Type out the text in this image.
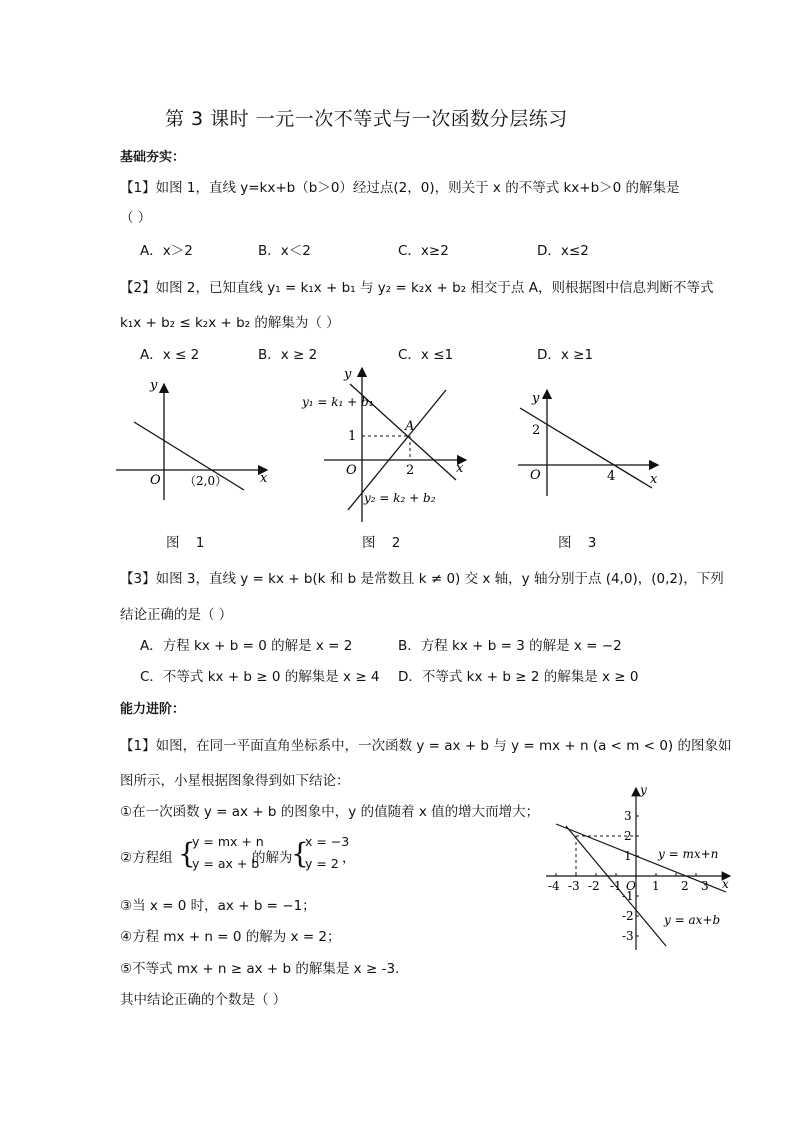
第 3 课时 一元一次不等式与一次函数分层练习
基础夯实：
【1】如图 1，直线 y=kx+b（b＞0）经过点(2，0)，则关于 x 的不等式 kx+b＞0 的解集是
（ ）
A．x＞2	B．x＜2	C．x≥2	D．x≤2
【2】如图 2，已知直线 y₁ = k₁x + b₁ 与 y₂ = k₂x + b₂ 相交于点 A，则根据图中信息判断不等式
k₁x + b₂ ≤ k₂x + b₂ 的解集为（ ）
A．x ≤ 2	B．x ≥ 2	C．x ≤1	D．x ≥1
y
x
O （2,0）
图 1
y
x
O
y₁ = k₁ + b₁
y₂ = k₂ + b₂
A
1
2
图 2
y
x
O
2
4
图 3
【3】如图 3，直线 y = kx + b(k 和 b 是常数且 k ≠ 0) 交 x 轴，y 轴分别于点 (4,0)，(0,2)，下列
结论正确的是（ ）
A．方程 kx + b = 0 的解是 x = 2	B．方程 kx + b = 3 的解是 x = −2
C．不等式 kx + b ≥ 0 的解集是 x ≥ 4 D．不等式 kx + b ≥ 2 的解集是 x ≥ 0
能力进阶：
【1】如图，在同一平面直角坐标系中，一次函数 y = ax + b 与 y = mx + n (a < m < 0) 的图象如
图所示，小星根据图象得到如下结论：
①在一次函数 y = ax + b 的图象中，y 的值随着 x 值的增大而增大；
②方程组 {
y = mx + n
y = ax + b
的解为
{
x = −3
y = 2 ，
③当 x = 0 时，ax + b = −1；
④方程 mx + n = 0 的解为 x = 2；
⑤不等式 mx + n ≥ ax + b 的解集是 x ≥ -3．
其中结论正确的个数是（ ）
y
x
O
-4 -3 -2 -1	1 2 3
3
2
1
-1
-2
-3
y = mx+n
y = ax+b
